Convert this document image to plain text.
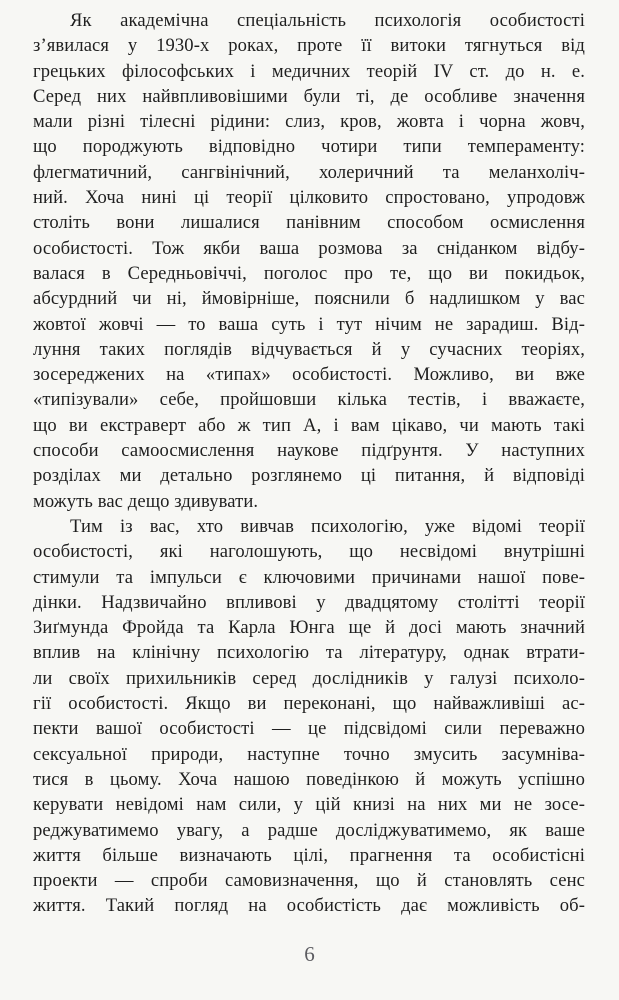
Як академічна спеціальність психологія особистості
з’явилася у 1930-х роках, проте її витоки тягнуться від
грецьких філософських і медичних теорій IV ст. до н. е.
Серед них найвпливовішими були ті, де особливе значення
мали різні тілесні рідини: слиз, кров, жовта і чорна жовч,
що породжують відповідно чотири типи темпераменту:
флегматичний, сангвінічний, холеричний та меланхоліч-
ний. Хоча нині ці теорії цілковито спростовано, упродовж
століть вони лишалися панівним способом осмислення
особистості. Тож якби ваша розмова за сніданком відбу-
валася в Середньовіччі, поголос про те, що ви покидьок,
абсурдний чи ні, ймовірніше, пояснили б надлишком у вас
жовтої жовчі — то ваша суть і тут нічим не зарадиш. Від-
луння таких поглядів відчувається й у сучасних теоріях,
зосереджених на «типах» особистості. Можливо, ви вже
«типізували» себе, пройшовши кілька тестів, і вважаєте,
що ви екстраверт або ж тип А, і вам цікаво, чи мають такі
способи самоосмислення наукове підґрунтя. У наступних
розділах ми детально розглянемо ці питання, й відповіді
можуть вас дещо здивувати.
Тим із вас, хто вивчав психологію, уже відомі теорії
особистості, які наголошують, що несвідомі внутрішні
стимули та імпульси є ключовими причинами нашої пове-
дінки. Надзвичайно впливові у двадцятому столітті теорії
Зиґмунда Фройда та Карла Юнга ще й досі мають значний
вплив на клінічну психологію та літературу, однак втрати-
ли своїх прихильників серед дослідників у галузі психоло-
гії особистості. Якщо ви переконані, що найважливіші ас-
пекти вашої особистості — це підсвідомі сили переважно
сексуальної природи, наступне точно змусить засумніва-
тися в цьому. Хоча нашою поведінкою й можуть успішно
керувати невідомі нам сили, у цій книзі на них ми не зосе-
реджуватимемо увагу, а радше досліджуватимемо, як ваше
життя більше визначають цілі, прагнення та особистісні
проекти — спроби самовизначення, що й становлять сенс
життя. Такий погляд на особистість дає можливість об-
6
